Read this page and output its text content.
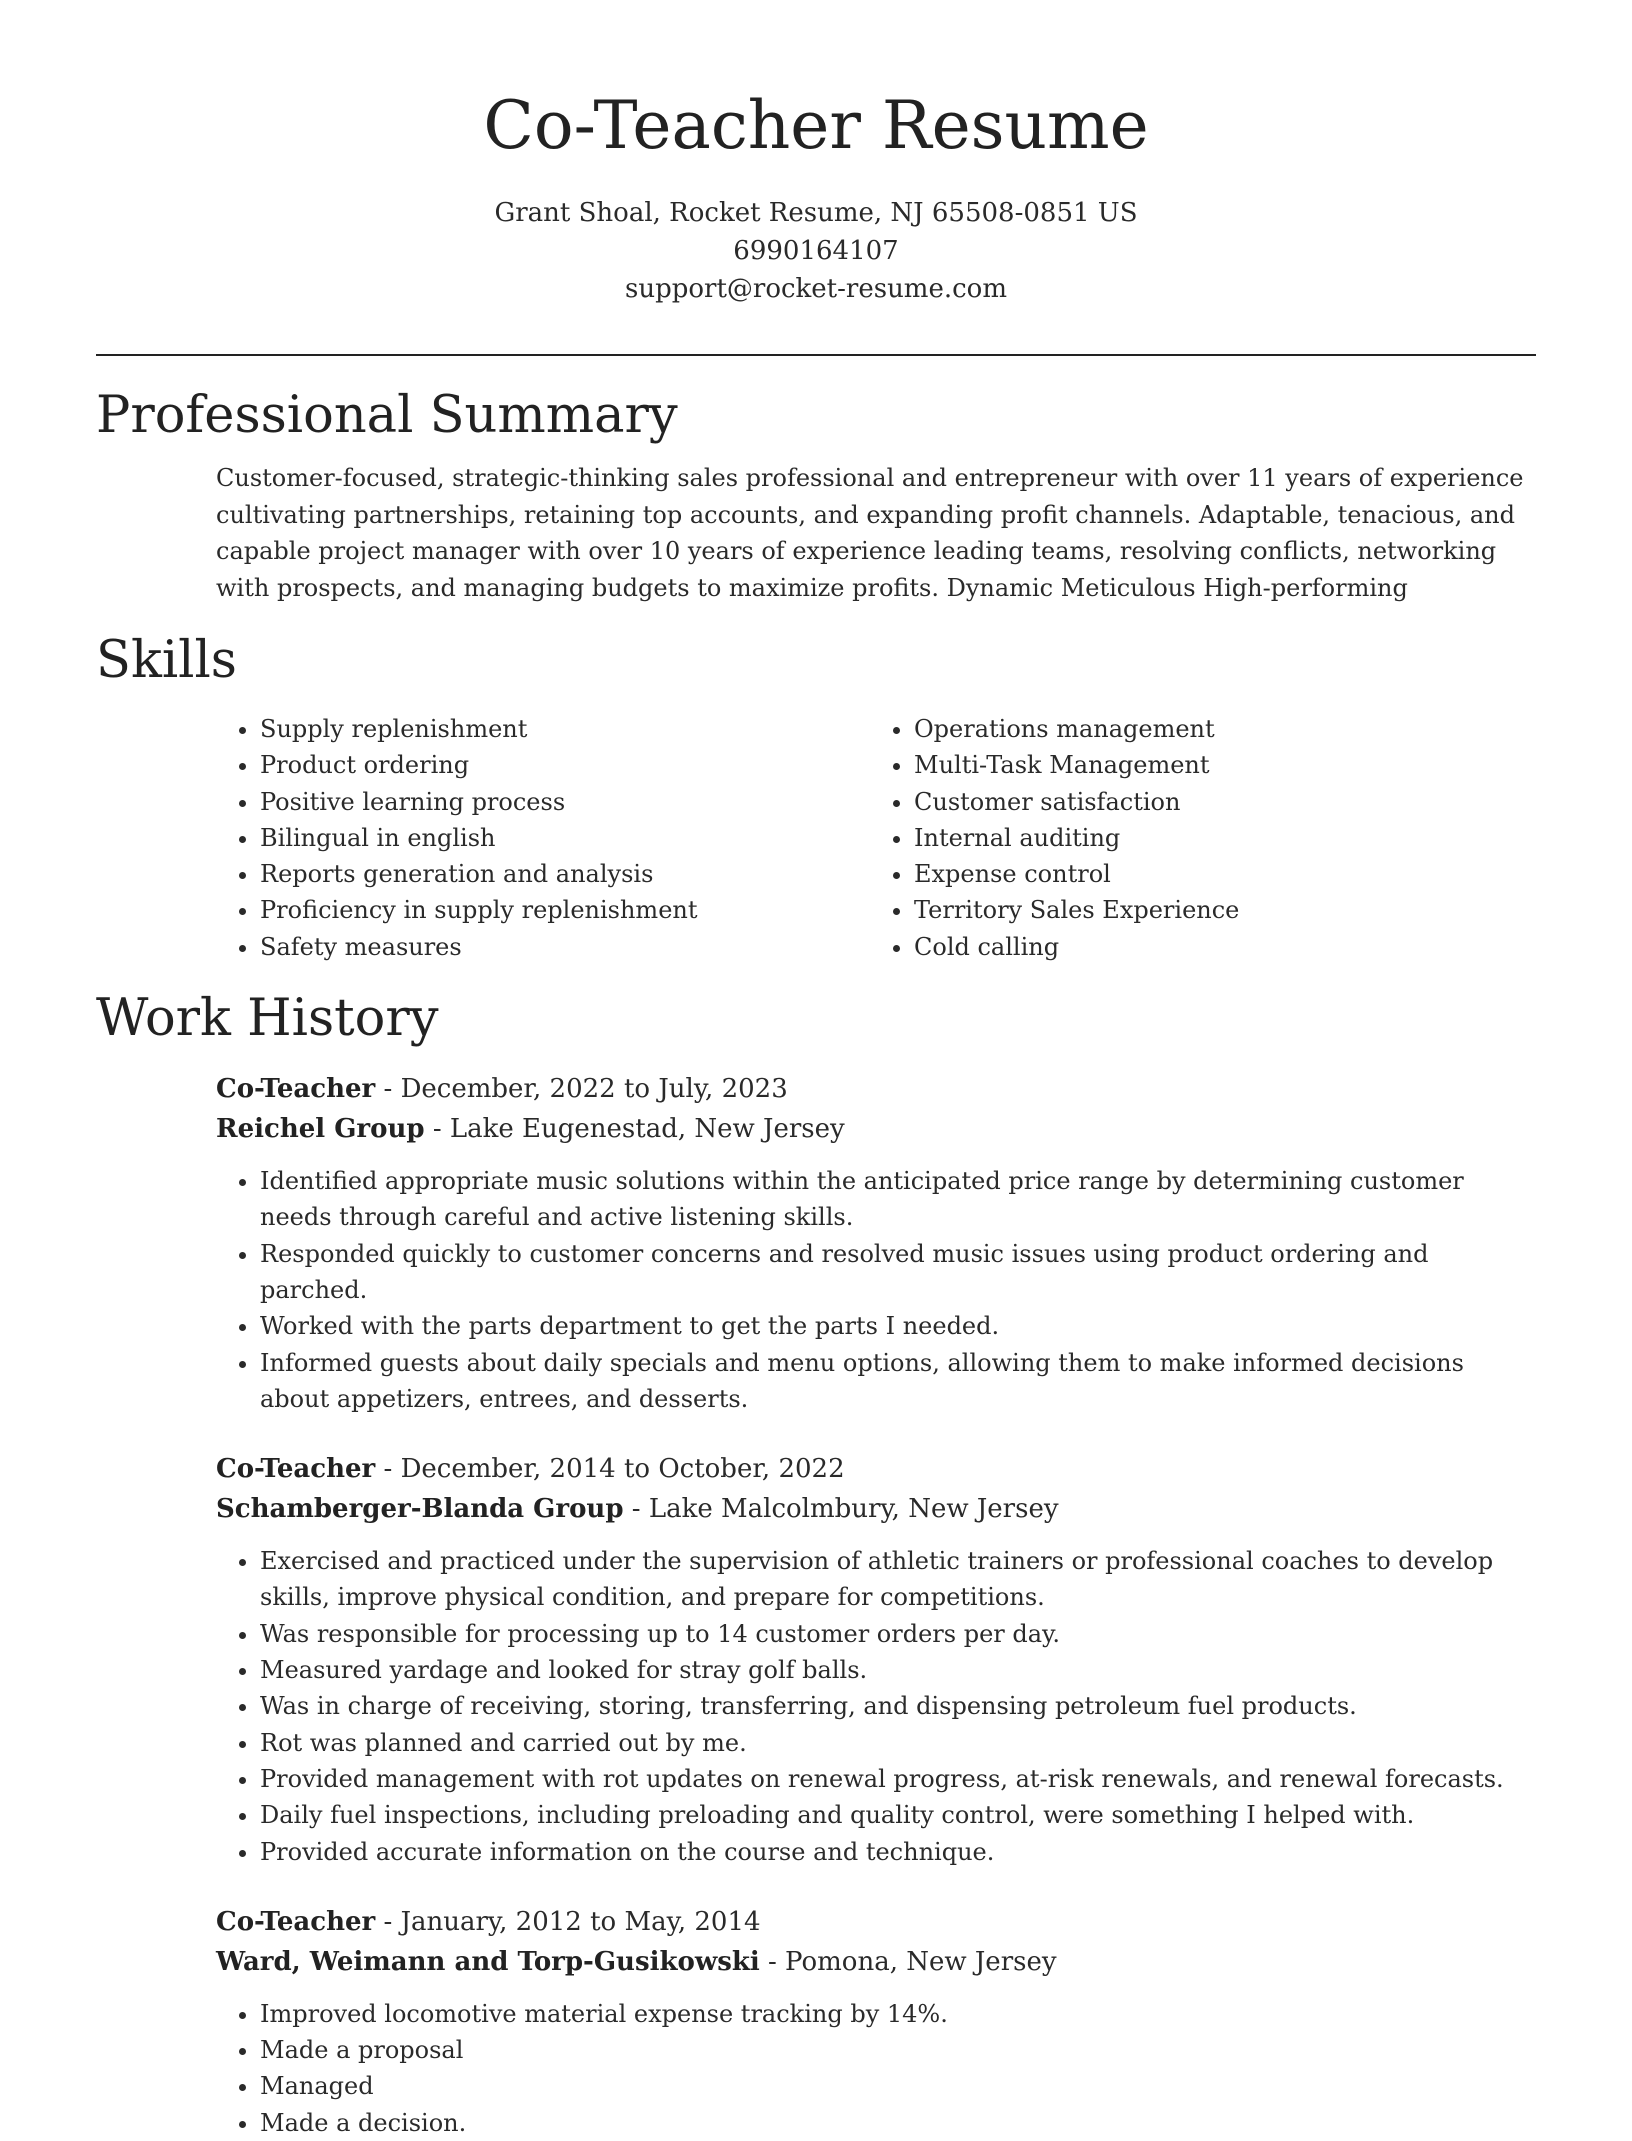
Co-Teacher Resume
Grant Shoal, Rocket Resume, NJ 65508-0851 US
6990164107
support@rocket-resume.com
Professional Summary

Customer-focused, strategic-thinking sales professional and entrepreneur with over 11 years of experience cultivating partnerships, retaining top accounts, and expanding profit channels. Adaptable, tenacious, and capable project manager with over 10 years of experience leading teams, resolving conflicts, networking with prospects, and managing budgets to maximize profits. Dynamic Meticulous High-performing

Skills
• Supply replenishment
• Product ordering
• Positive learning process
• Bilingual in english
• Reports generation and analysis
• Proficiency in supply replenishment
• Safety measures
• Operations management
• Multi-Task Management
• Customer satisfaction
• Internal auditing
• Expense control
• Territory Sales Experience
• Cold calling
Work History
Co-Teacher - December, 2022 to July, 2023
Reichel Group - Lake Eugenestad, New Jersey
• Identified appropriate music solutions within the anticipated price range by determining customer needs through careful and active listening skills.
• Responded quickly to customer concerns and resolved music issues using product ordering and parched.
• Worked with the parts department to get the parts I needed.
• Informed guests about daily specials and menu options, allowing them to make informed decisions about appetizers, entrees, and desserts.
Co-Teacher - December, 2014 to October, 2022
Schamberger-Blanda Group - Lake Malcolmbury, New Jersey
• Exercised and practiced under the supervision of athletic trainers or professional coaches to develop skills, improve physical condition, and prepare for competitions.
• Was responsible for processing up to 14 customer orders per day.
• Measured yardage and looked for stray golf balls.
• Was in charge of receiving, storing, transferring, and dispensing petroleum fuel products.
• Rot was planned and carried out by me.
• Provided management with rot updates on renewal progress, at-risk renewals, and renewal forecasts.
• Daily fuel inspections, including preloading and quality control, were something I helped with.
• Provided accurate information on the course and technique.
Co-Teacher - January, 2012 to May, 2014
Ward, Weimann and Torp-Gusikowski - Pomona, New Jersey
• Improved locomotive material expense tracking by 14%.
• Made a proposal
• Managed
• Made a decision.
